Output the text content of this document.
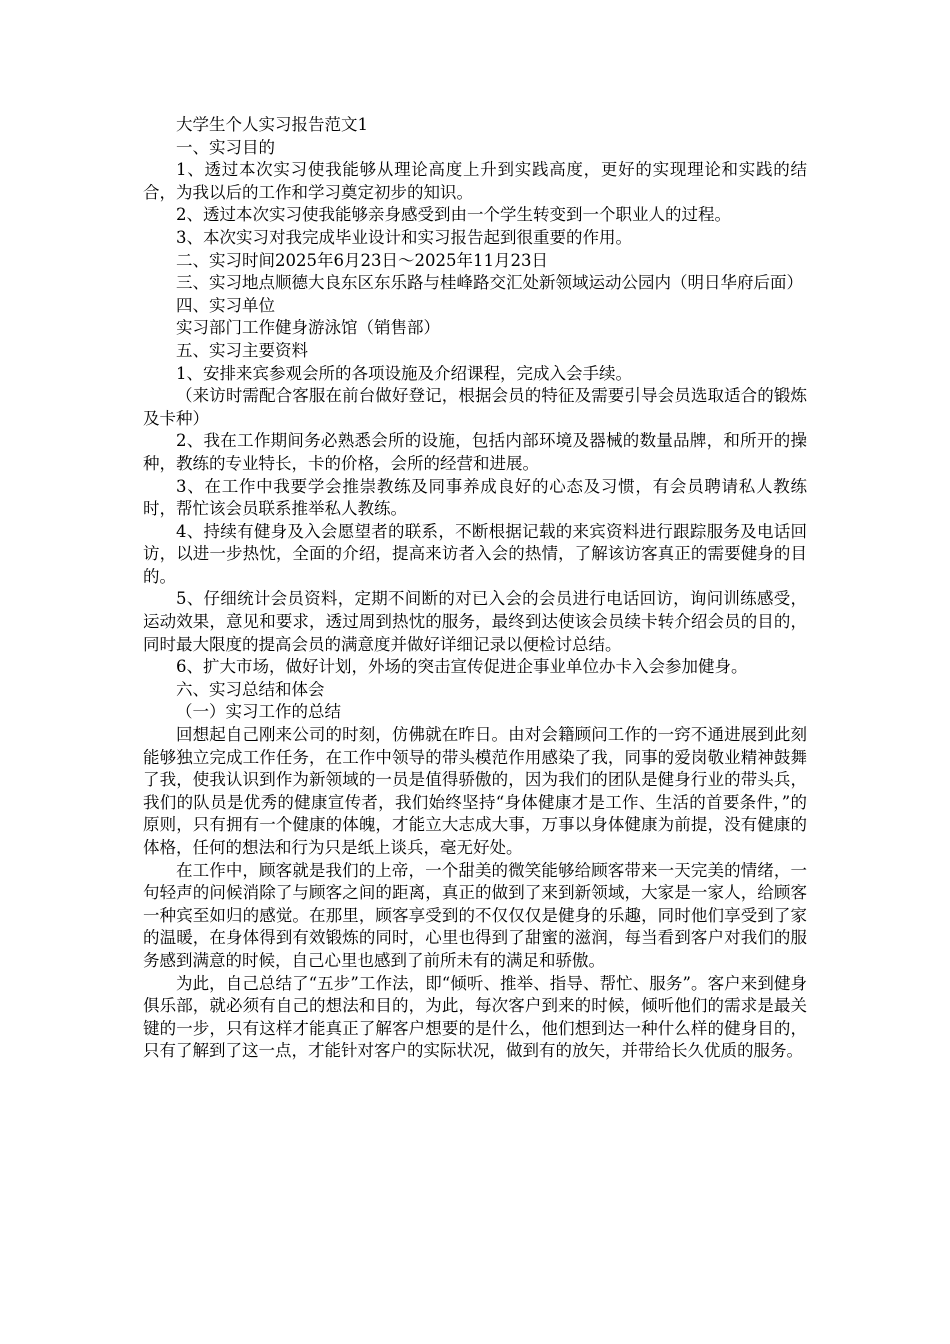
大学生个人实习报告范文1

一、实习目的

1、透过本次实习使我能够从理论高度上升到实践高度，更好的实现理论和实践的结合，为我以后的工作和学习奠定初步的知识。

2、透过本次实习使我能够亲身感受到由一个学生转变到一个职业人的过程。

3、本次实习对我完成毕业设计和实习报告起到很重要的作用。

二、实习时间2025年6月23日～2025年11月23日

三、实习地点顺德大良东区东乐路与桂峰路交汇处新领域运动公园内（明日华府后面）

四、实习单位

实习部门工作健身游泳馆（销售部）

五、实习主要资料

1、安排来宾参观会所的各项设施及介绍课程，完成入会手续。

（来访时需配合客服在前台做好登记，根据会员的特征及需要引导会员选取适合的锻炼及卡种）

2、我在工作期间务必熟悉会所的设施，包括内部环境及器械的数量品牌，和所开的操种，教练的专业特长，卡的价格，会所的经营和进展。

3、在工作中我要学会推崇教练及同事养成良好的心态及习惯，有会员聘请私人教练时，帮忙该会员联系推举私人教练。

4、持续有健身及入会愿望者的联系，不断根据记载的来宾资料进行跟踪服务及电话回访，以进一步热忱，全面的介绍，提高来访者入会的热情，了解该访客真正的需要健身的目的。

5、仔细统计会员资料，定期不间断的对已入会的会员进行电话回访，询问训练感受，运动效果，意见和要求，透过周到热忱的服务，最终到达使该会员续卡转介绍会员的目的，同时最大限度的提高会员的满意度并做好详细记录以便检讨总结。

6、扩大市场，做好计划，外场的突击宣传促进企事业单位办卡入会参加健身。

六、实习总结和体会

（一）实习工作的总结

回想起自己刚来公司的时刻，仿佛就在昨日。由对会籍顾问工作的一窍不通进展到此刻能够独立完成工作任务，在工作中领导的带头模范作用感染了我，同事的爱岗敬业精神鼓舞了我，使我认识到作为新领域的一员是值得骄傲的，因为我们的团队是健身行业的带头兵，我们的队员是优秀的健康宣传者，我们始终坚持“身体健康才是工作、生活的首要条件，”的原则，只有拥有一个健康的体魄，才能立大志成大事，万事以身体健康为前提，没有健康的体格，任何的想法和行为只是纸上谈兵，毫无好处。

在工作中，顾客就是我们的上帝，一个甜美的微笑能够给顾客带来一天完美的情绪，一句轻声的问候消除了与顾客之间的距离，真正的做到了来到新领域，大家是一家人，给顾客一种宾至如归的感觉。在那里，顾客享受到的不仅仅仅是健身的乐趣，同时他们享受到了家的温暖，在身体得到有效锻炼的同时，心里也得到了甜蜜的滋润，每当看到客户对我们的服务感到满意的时候，自己心里也感到了前所未有的满足和骄傲。

为此，自己总结了“五步”工作法，即“倾听、推举、指导、帮忙、服务”。客户来到健身俱乐部，就必须有自己的想法和目的，为此，每次客户到来的时候，倾听他们的需求是最关键的一步，只有这样才能真正了解客户想要的是什么，他们想到达一种什么样的健身目的，只有了解到了这一点，才能针对客户的实际状况，做到有的放矢，并带给长久优质的服务。
